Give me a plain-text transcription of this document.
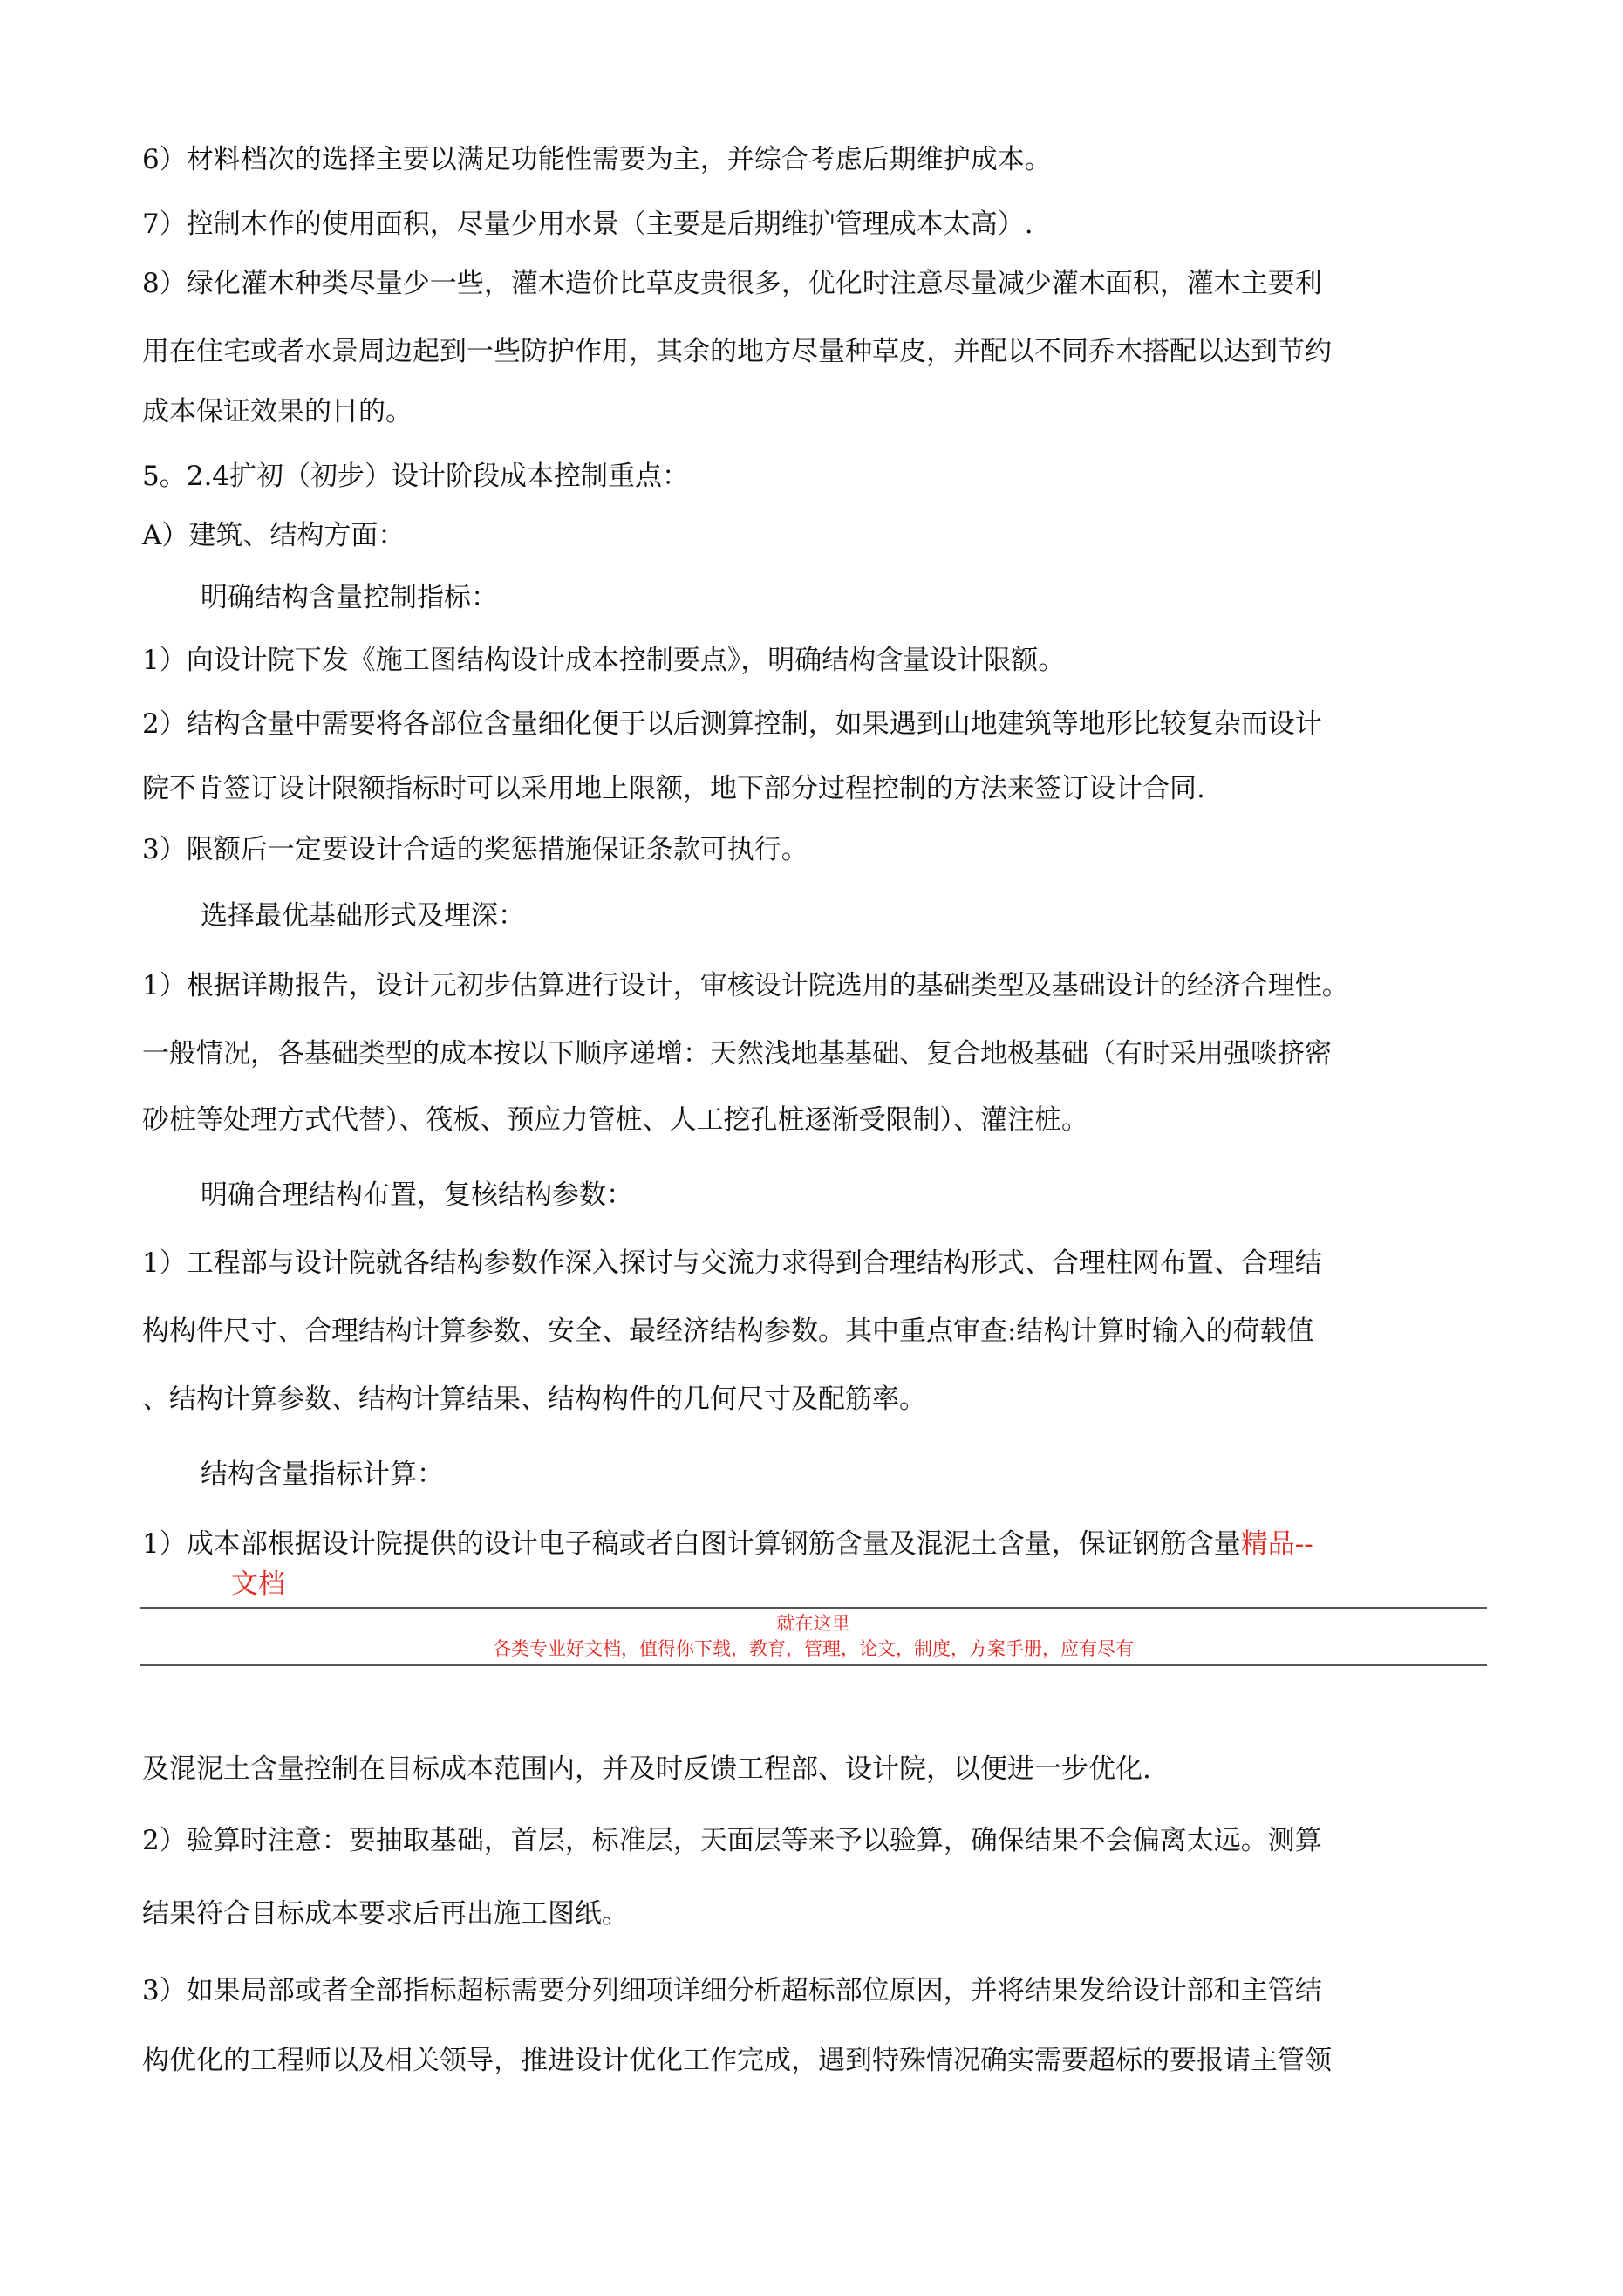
6）材料档次的选择主要以满足功能性需要为主，并综合考虑后期维护成本。
7）控制木作的使用面积，尽量少用水景（主要是后期维护管理成本太高）.
8）绿化灌木种类尽量少一些，灌木造价比草皮贵很多，优化时注意尽量减少灌木面积，灌木主要利
用在住宅或者水景周边起到一些防护作用，其余的地方尽量种草皮，并配以不同乔木搭配以达到节约
成本保证效果的目的。
5。2.4扩初（初步）设计阶段成本控制重点：
A）建筑、结构方面：
明确结构含量控制指标：
1）向设计院下发《施工图结构设计成本控制要点》，明确结构含量设计限额。
2）结构含量中需要将各部位含量细化便于以后测算控制，如果遇到山地建筑等地形比较复杂而设计
院不肯签订设计限额指标时可以采用地上限额，地下部分过程控制的方法来签订设计合同.
3）限额后一定要设计合适的奖惩措施保证条款可执行。
选择最优基础形式及埋深：
1）根据详勘报告，设计元初步估算进行设计，审核设计院选用的基础类型及基础设计的经济合理性。
一般情况，各基础类型的成本按以下顺序递增：天然浅地基基础、复合地极基础（有时采用强啖挤密
砂桩等处理方式代替）、筏板、预应力管桩、人工挖孔桩逐渐受限制）、灌注桩。
明确合理结构布置，复核结构参数：
1）工程部与设计院就各结构参数作深入探讨与交流力求得到合理结构形式、合理柱网布置、合理结
构构件尺寸、合理结构计算参数、安全、最经济结构参数。其中重点审查:结构计算时输入的荷载值
、结构计算参数、结构计算结果、结构构件的几何尺寸及配筋率。
结构含量指标计算：
1）成本部根据设计院提供的设计电子稿或者白图计算钢筋含量及混泥土含量，保证钢筋含量精品--
文档
就在这里
各类专业好文档，值得你下载，教育，管理，论文，制度，方案手册，应有尽有
及混泥土含量控制在目标成本范围内，并及时反馈工程部、设计院，以便进一步优化.
2）验算时注意：要抽取基础，首层，标准层，天面层等来予以验算，确保结果不会偏离太远。测算
结果符合目标成本要求后再出施工图纸。
3）如果局部或者全部指标超标需要分列细项详细分析超标部位原因，并将结果发给设计部和主管结
构优化的工程师以及相关领导，推进设计优化工作完成，遇到特殊情况确实需要超标的要报请主管领
